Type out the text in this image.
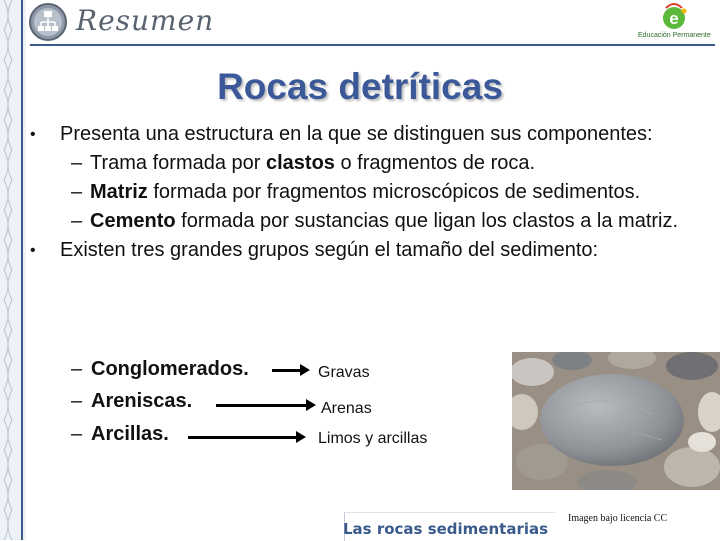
Resumen	e
Educación Permanente
Rocas detríticas
• Presenta una estructura en la que se distinguen sus componentes:
– Trama formada por clastos o fragmentos de roca.
– Matriz formada por fragmentos microscópicos de sedimentos.
– Cemento formada por sustancias que ligan los clastos a la matriz.
• Existen tres grandes grupos según el tamaño del sedimento:
Imagen bajo licencia CC
Las rocas sedimentarias
– Conglomerados.	Gravas
– Areniscas.	Arenas
– Arcillas.	Limos y arcillas
